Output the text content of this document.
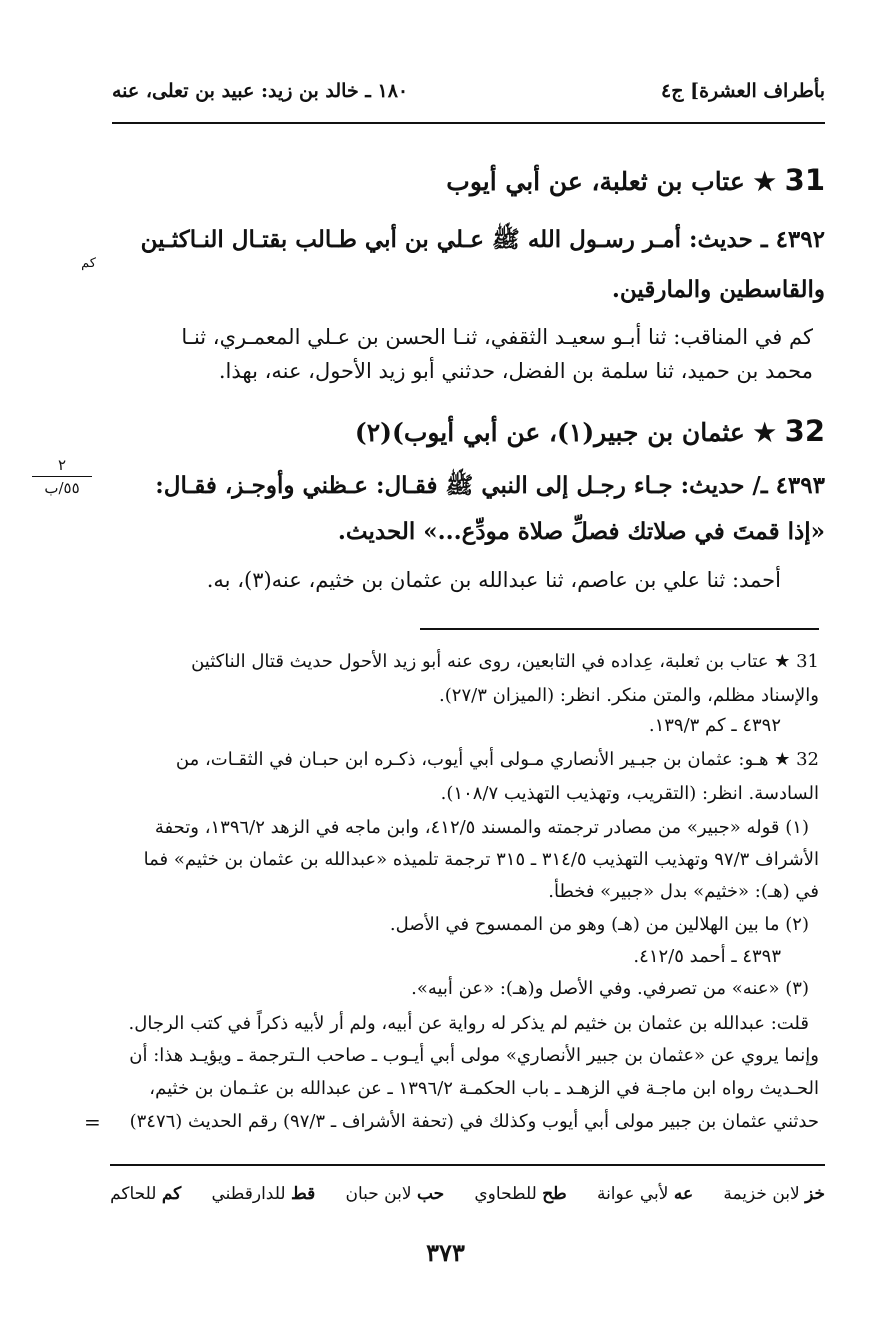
بأطراف العشرة] ج٤
١٨٠ ـ خالد بن زيد: عبيد بن تعلى، عنه
31 ★ عتاب بن ثعلبة، عن أبي أيوب
٤٣٩٢ ـ حديث: أمـر رسـول الله ﷺ عـلي بن أبي طـالب بقتـال النـاكثـين
كم
والقاسطين والمارقين.
كم في المناقب: ثنا أبـو سعيـد الثقفي، ثنـا الحسن بن عـلي المعمـري، ثنـا
محمد بن حميد، ثنا سلمة بن الفضل، حدثني أبو زيد الأحول، عنه، بهذا.
32 ★ عثمان بن جبير(١)، عن أبي أيوب)(٢)
٢
٥٥/ب	٤٣٩٣ ـ/ حديث: جـاء رجـل إلى النبي ﷺ فقـال: عـظني وأوجـز، فقـال:
«إذا قمتَ في صلاتك فصلِّ صلاة مودِّع...» الحديث.
أحمد: ثنا علي بن عاصم، ثنا عبدالله بن عثمان بن خثيم، عنه(٣)، به.
31 ★ عتاب بن ثعلبة، عِداده في التابعين، روى عنه أبو زيد الأحول حديث قتال الناكثين
والإسناد مظلم، والمتن منكر. انظر: (الميزان ٢٧/٣).
٤٣٩٢ ـ كم ١٣٩/٣.
32 ★ هـو: عثمان بن جبـير الأنصاري مـولى أبي أيوب، ذكـره ابن حبـان في الثقـات، من
السادسة. انظر: (التقريب، وتهذيب التهذيب ١٠٨/٧).
(١) قوله «جبير» من مصادر ترجمته والمسند ٤١٢/٥، وابن ماجه في الزهد ١٣٩٦/٢، وتحفة
الأشراف ٩٧/٣ وتهذيب التهذيب ٣١٤/٥ ـ ٣١٥ ترجمة تلميذه «عبدالله بن عثمان بن خثيم» فما
في (هـ): «خثيم» بدل «جبير» فخطأ.
(٢) ما بين الهلالين من (هـ) وهو من الممسوح في الأصل.
٤٣٩٣ ـ أحمد ٤١٢/٥.
(٣) «عنه» من تصرفي. وفي الأصل و(هـ): «عن أبيه».
قلت: عبدالله بن عثمان بن خثيم لم يذكر له رواية عن أبيه، ولم أر لأبيه ذكراً في كتب الرجال.
وإنما يروي عن «عثمان بن جبير الأنصاري» مولى أبي أيـوب ـ صاحب الـترجمة ـ ويؤيـد هذا: أن
الحـديث رواه ابن ماجـة في الزهـد ـ باب الحكمـة ١٣٩٦/٢ ـ عن عبدالله بن عثـمان بن خثيم،
حدثني عثمان بن جبير مولى أبي أيوب وكذلك في (تحفة الأشراف ـ ٩٧/٣) رقم الحديث (٣٤٧٦)
=
خز لابن خزيمة
عه لأبي عوانة
طح للطحاوي
حب لابن حبان
قط للدارقطني
كم للحاكم
٣٧٣
